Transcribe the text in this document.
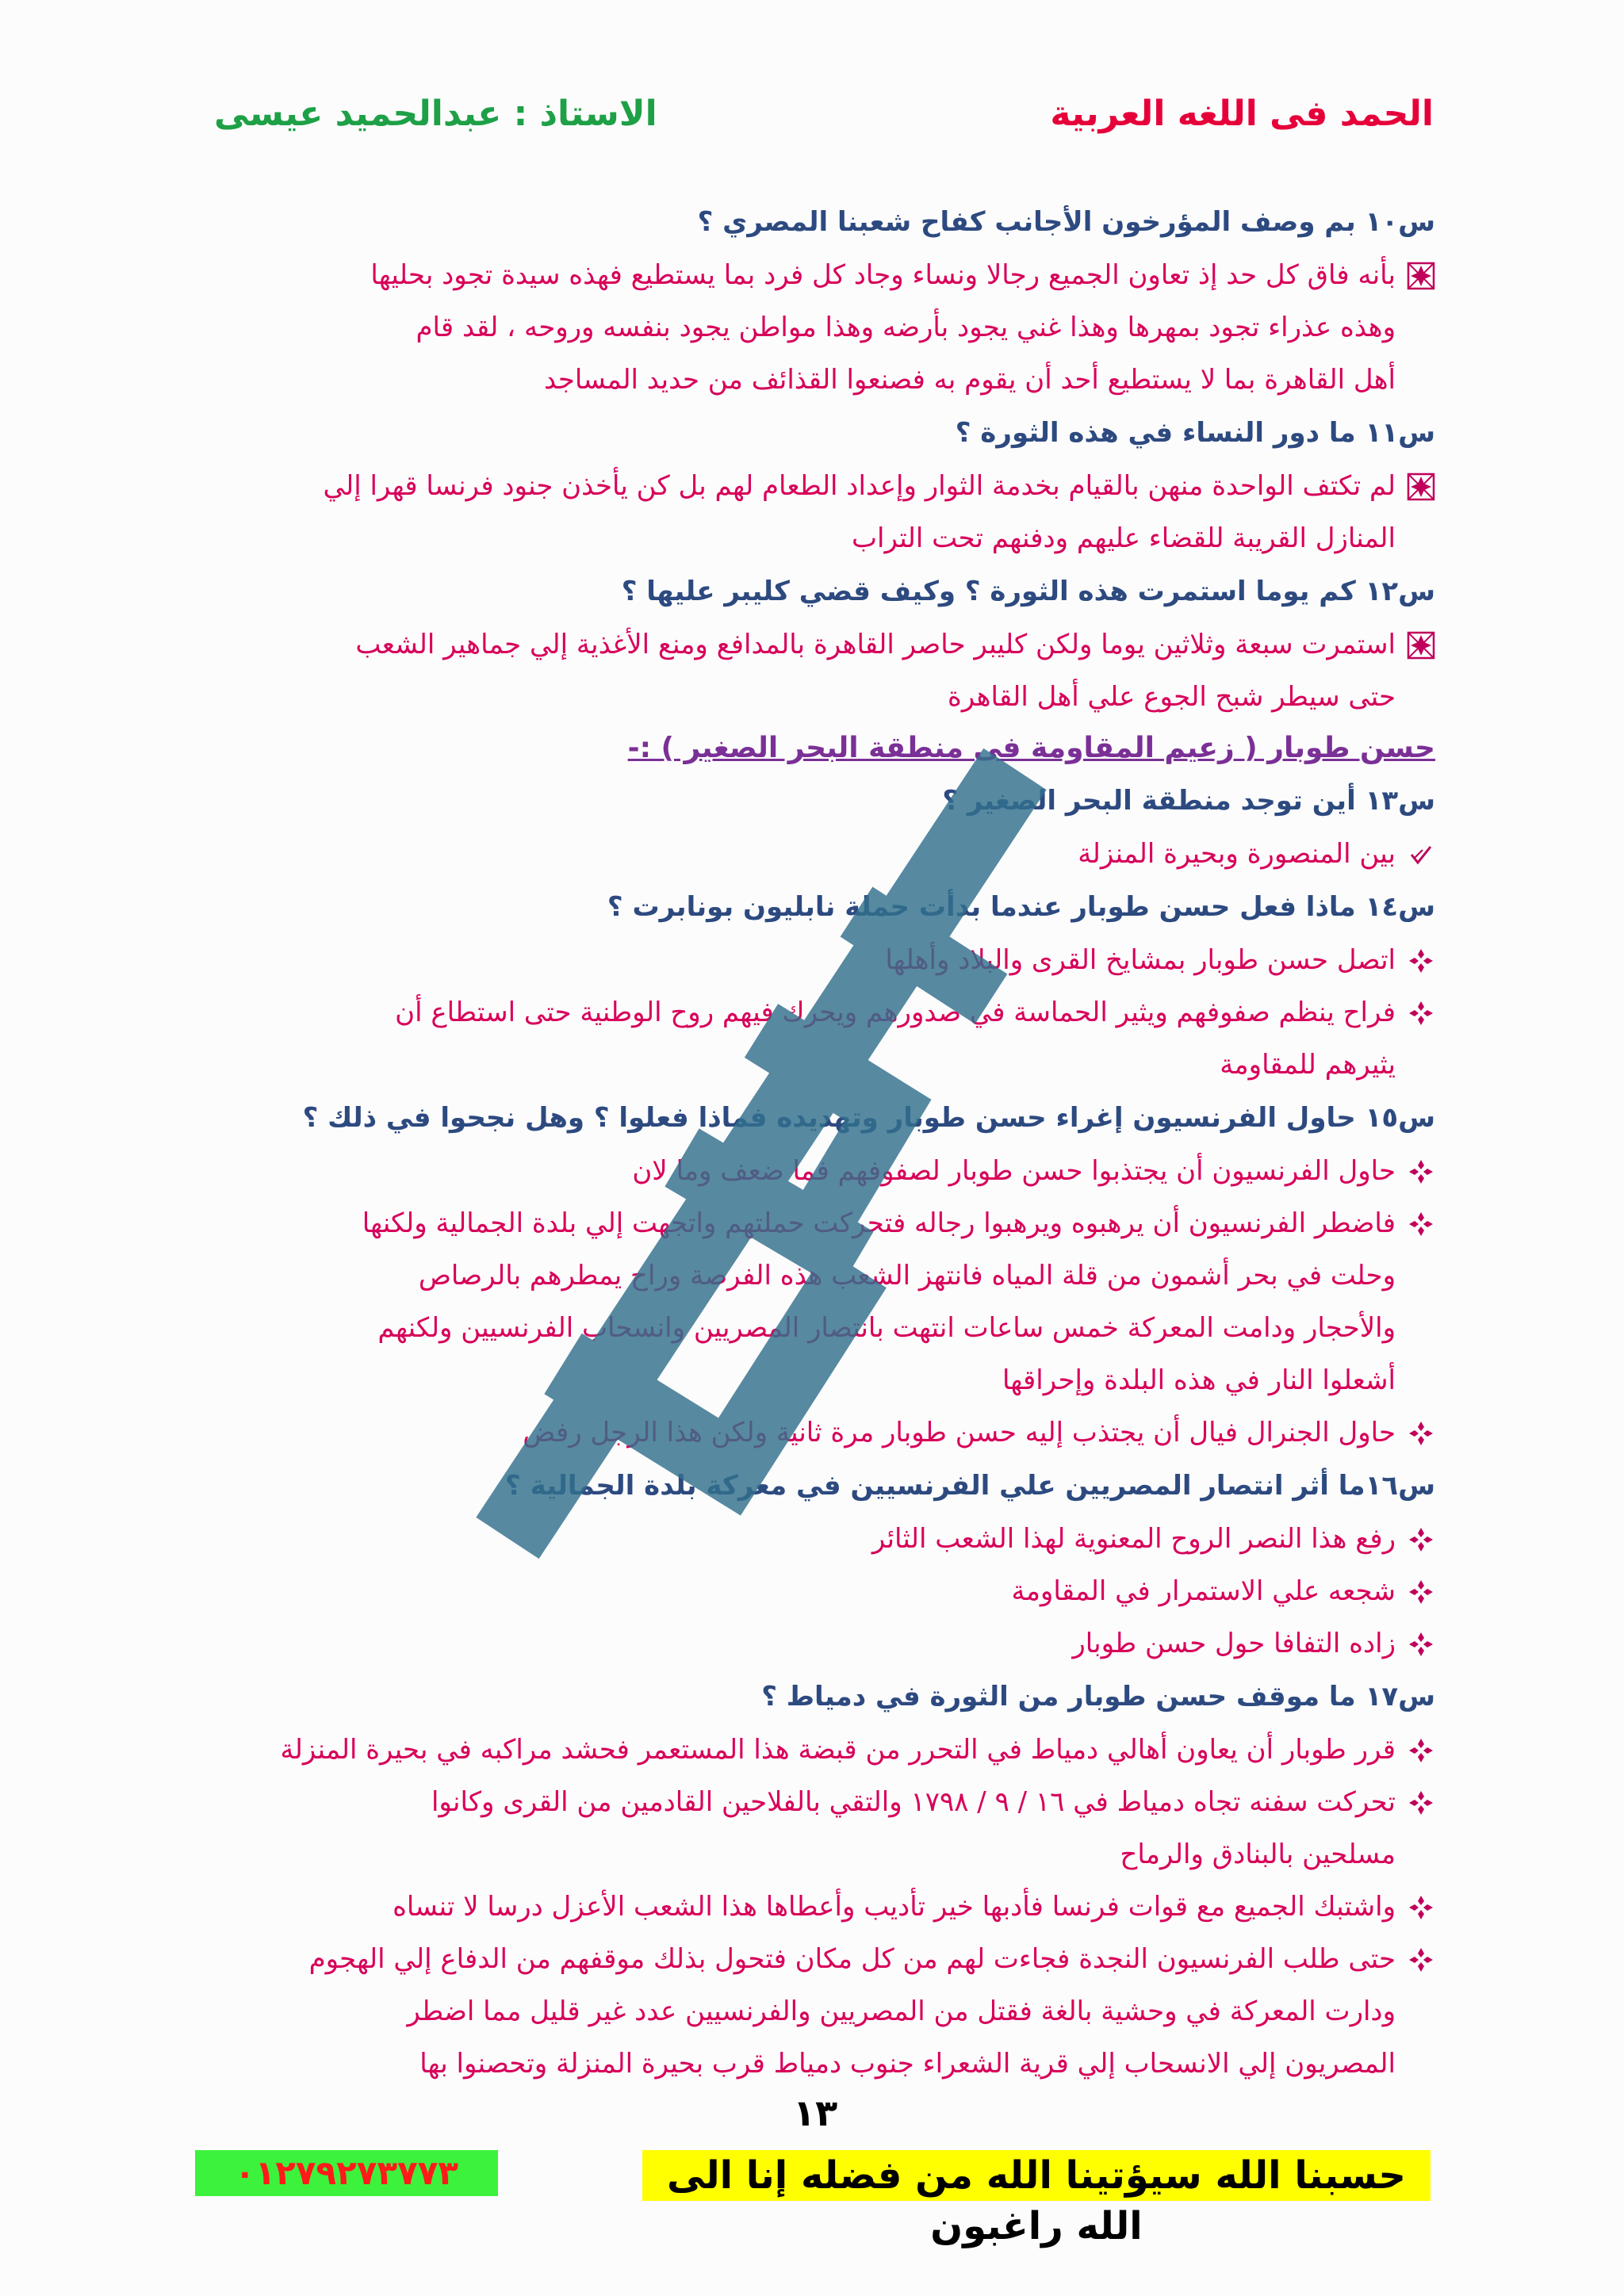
الحمد فى اللغه العربية
الاستاذ : عبدالحميد عيسى
س١٠ بم وصف المؤرخون الأجانب كفاح شعبنا المصري ؟
بأنه فاق كل حد إذ تعاون الجميع رجالا ونساء وجاد كل فرد بما يستطيع فهذه سيدة تجود بحليها
وهذه عذراء تجود بمهرها وهذا غني يجود بأرضه وهذا مواطن يجود بنفسه وروحه ، لقد قام
أهل القاهرة بما لا يستطيع أحد أن يقوم به فصنعوا القذائف من حديد المساجد
س١١ ما دور النساء في هذه الثورة ؟
لم تكتف الواحدة منهن بالقيام بخدمة الثوار وإعداد الطعام لهم بل كن يأخذن جنود فرنسا قهرا إلي
المنازل القريبة للقضاء عليهم ودفنهم تحت التراب
س١٢ كم يوما استمرت هذه الثورة ؟ وكيف قضي كليبر عليها ؟
استمرت سبعة وثلاثين يوما ولكن كليبر حاصر القاهرة بالمدافع ومنع الأغذية إلي جماهير الشعب
حتى سيطر شبح الجوع علي أهل القاهرة
حسن طوبار ( زعيم المقاومة فى منطقة البحر الصغير ) :-
س١٣ أين توجد منطقة البحر الصغير ؟
بين المنصورة وبحيرة المنزلة
س١٤ ماذا فعل حسن طوبار عندما بدأت حملة نابليون بونابرت ؟
اتصل حسن طوبار بمشايخ القرى والبلاد وأهلها
فراح ينظم صفوفهم ويثير الحماسة في صدورهم ويحرك فيهم روح الوطنية حتى استطاع أن
يثيرهم للمقاومة
س١٥ حاول الفرنسيون إغراء حسن طوبار وتهديده فماذا فعلوا ؟ وهل نجحوا في ذلك ؟
حاول الفرنسيون أن يجتذبوا حسن طوبار لصفوفهم فما ضعف وما لان
فاضطر الفرنسيون أن يرهبوه ويرهبوا رجاله فتحركت حملتهم واتجهت إلي بلدة الجمالية ولكنها
وحلت في بحر أشمون من قلة المياه فانتهز الشعب هذه الفرصة وراح يمطرهم بالرصاص
والأحجار ودامت المعركة خمس ساعات انتهت بانتصار المصريين وانسحاب الفرنسيين ولكنهم
أشعلوا النار في هذه البلدة وإحراقها
حاول الجنرال فيال أن يجتذب إليه حسن طوبار مرة ثانية ولكن هذا الرجل رفض
س١٦ما أثر انتصار المصريين علي الفرنسيين في معركة بلدة الجمالية ؟
رفع هذا النصر الروح المعنوية لهذا الشعب الثائر
شجعه علي الاستمرار في المقاومة
زاده التفافا حول حسن طوبار
س١٧ ما موقف حسن طوبار من الثورة في دمياط ؟
قرر طوبار أن يعاون أهالي دمياط في التحرر من قبضة هذا المستعمر فحشد مراكبه في بحيرة المنزلة
تحركت سفنه تجاه دمياط في ١٦ / ٩ / ١٧٩٨ والتقي بالفلاحين القادمين من القرى وكانوا
مسلحين بالبنادق والرماح
واشتبك الجميع مع قوات فرنسا فأدبها خير تأديب وأعطاها هذا الشعب الأعزل درسا لا تنساه
حتى طلب الفرنسيون النجدة فجاءت لهم من كل مكان فتحول بذلك موقفهم من الدفاع إلي الهجوم
ودارت المعركة في وحشية بالغة فقتل من المصريين والفرنسيين عدد غير قليل مما اضطر
المصريون إلي الانسحاب إلي قرية الشعراء جنوب دمياط قرب بحيرة المنزلة وتحصنوا بها
١٣
٠١٢٧٩٢٧٣٧٧٣	حسبنا الله سيؤتينا الله من فضله إنا الى الله راغبون
